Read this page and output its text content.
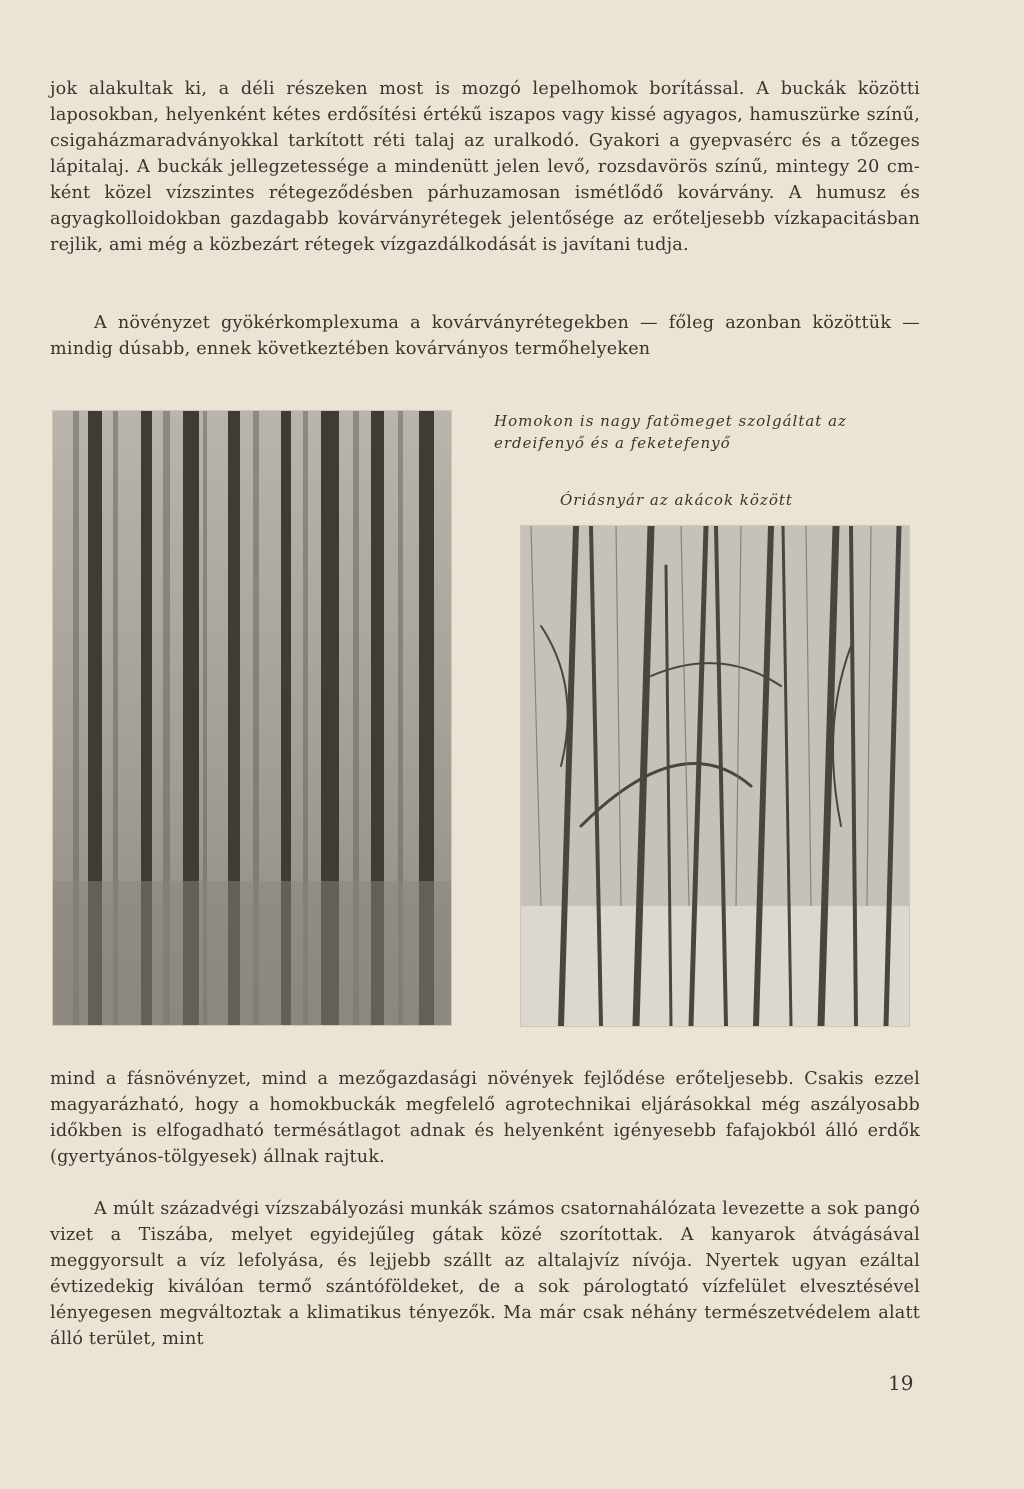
jok alakultak ki, a déli részeken most is mozgó lepelhomok borítással. A buckák közötti laposokban, helyenként kétes erdősítési értékű iszapos vagy kissé agyagos, hamuszürke színű, csigaházmaradványokkal tarkított réti talaj az uralkodó. Gyakori a gyepvasérc és a tőzeges lápitalaj. A buckák jellegzetessége a mindenütt jelen levő, rozsdavörös színű, mintegy 20 cm-ként közel vízszintes rétegeződésben párhuzamosan ismétlődő kovárvány. A humusz és agyagkolloidokban gazdagabb kovárványrétegek jelentősége az erőteljesebb vízkapacitásban rejlik, ami még a közbezárt rétegek vízgazdálkodását is javítani tudja.

A növényzet gyökérkomplexuma a kovárványrétegekben — főleg azonban közöttük — mindig dúsabb, ennek következtében kovárványos termőhelyeken

Homokon is nagy fatömeget szolgáltat az erdeifenyő és a feketefenyő

Óriásnyár az akácok között

mind a fásnövényzet, mind a mezőgazdasági növények fejlődése erőteljesebb. Csakis ezzel magyarázható, hogy a homokbuckák megfelelő agrotechnikai eljárásokkal még aszályosabb időkben is elfogadható termésátlagot adnak és helyenként igényesebb fafajokból álló erdők (gyertyános-tölgyesek) állnak rajtuk.

A múlt századvégi vízszabályozási munkák számos csatornahálózata levezette a sok pangó vizet a Tiszába, melyet egyidejűleg gátak közé szorítottak. A kanyarok átvágásával meggyorsult a víz lefolyása, és lejjebb szállt az altalajvíz nívója. Nyertek ugyan ezáltal évtizedekig kiválóan termő szántóföldeket, de a sok párologtató vízfelület elvesztésével lényegesen megváltoztak a klimatikus tényezők. Ma már csak néhány természetvédelem alatt álló terület, mint

19
